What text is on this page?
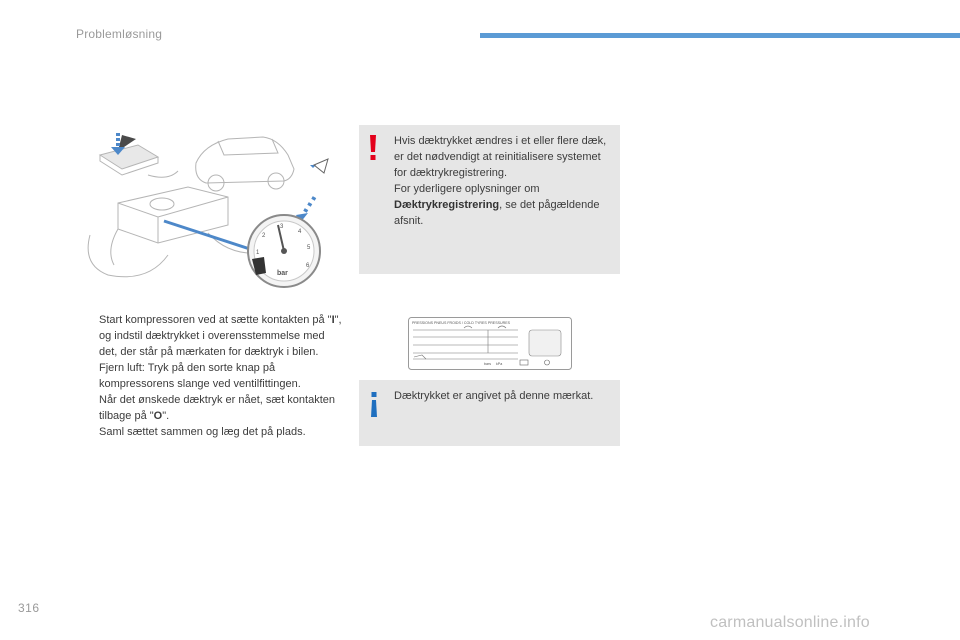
Problemløsning
1
2
3
4
5
6
bar

Hvis dæktrykket ændres i et eller flere dæk, er det nødvendigt at reinitialisere systemet for dæktrykregistrering.

For yderligere oplysninger om Dæktrykregistrering, se det pågældende afsnit.

Start kompressoren ved at sætte kontakten på "I", og indstil dæktrykket i overensstemmelse med det, der står på mærkaten for dæktryk i bilen.
Fjern luft: Tryk på den sorte knap på kompressorens slange ved ventilfittingen.
Når det ønskede dæktryk er nået, sæt kontakten tilbage på "O".
Saml sættet sammen og læg det på plads.
PRESSIONS PNEUS FROIDS / COLD TYRES PRESSURES
bars kPa
Dæktrykket er angivet på denne mærkat.
316
carmanualsonline.info
